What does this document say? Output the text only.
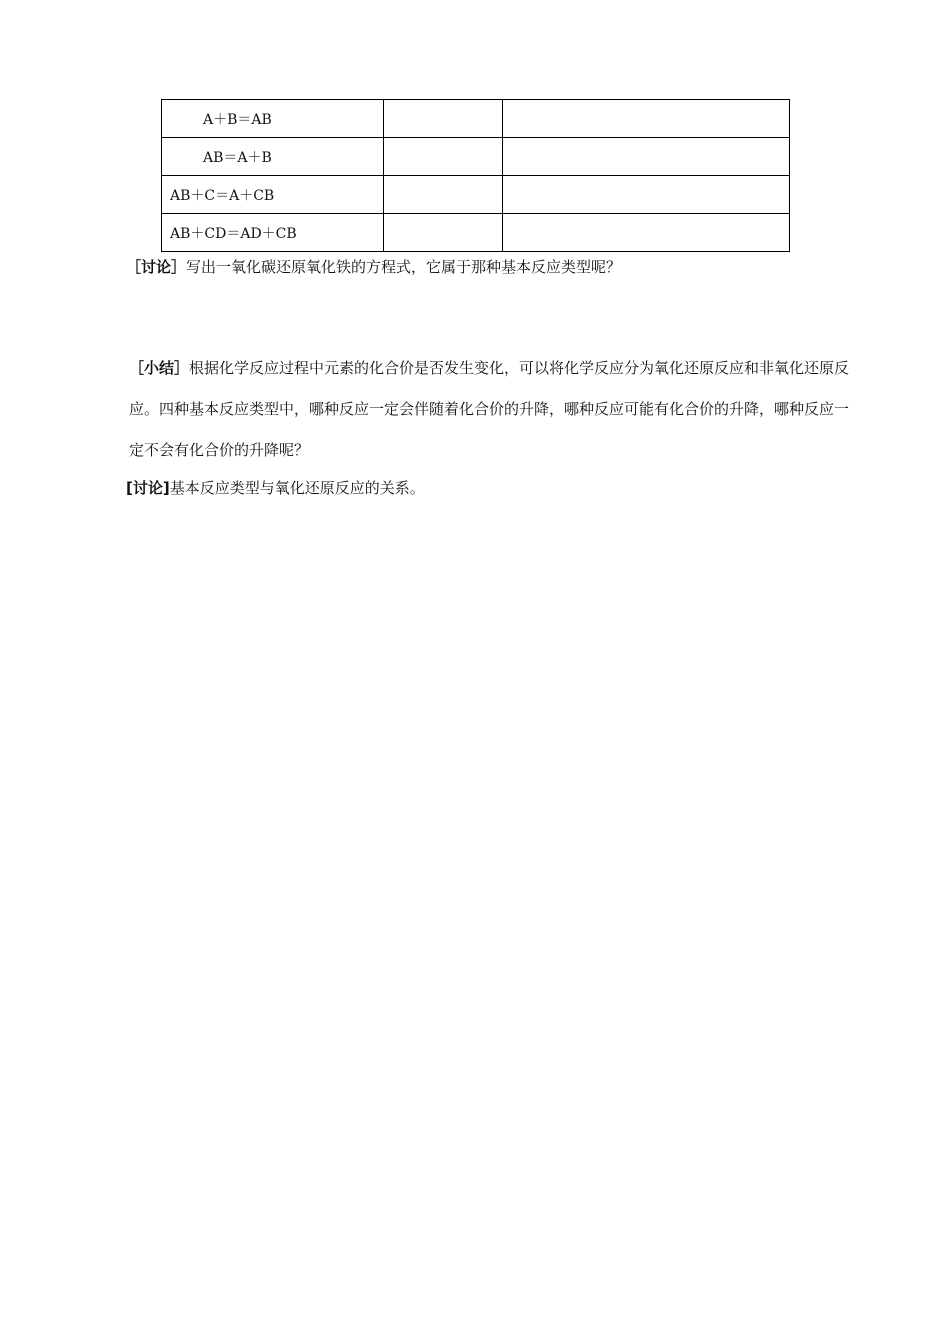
A＋B＝AB		
AB＝A＋B		
AB＋C＝A＋CB		
AB＋CD＝AD＋CB		
［讨论］写出一氧化碳还原氧化铁的方程式，它属于那种基本反应类型呢？
［小结］根据化学反应过程中元素的化合价是否发生变化，可以将化学反应分为氧化还原反应和非氧化还原反应。四种基本反应类型中，哪种反应一定会伴随着化合价的升降，哪种反应可能有化合价的升降，哪种反应一定不会有化合价的升降呢？
[讨论]基本反应类型与氧化还原反应的关系。
